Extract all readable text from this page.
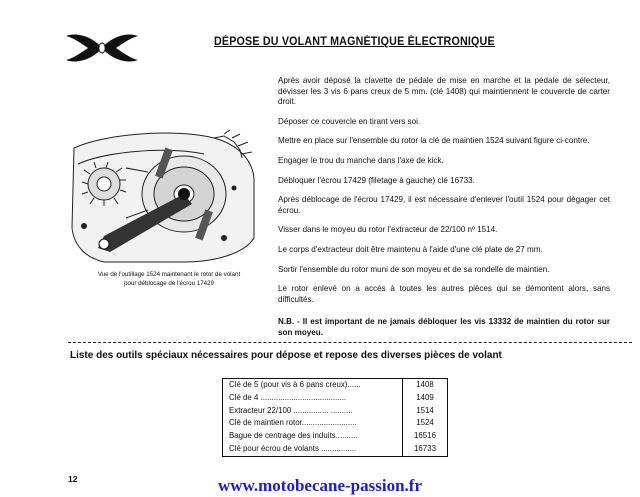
DÉPOSE DU VOLANT MAGNÉTIQUE ÉLECTRONIQUE
Vue de l'outillage 1524 maintenant le rotor de volant
pour déblocage de l'écrou 17429

Après avoir déposé la clavette de pédale de mise en marche et la pédale de sélecteur, dévisser les 3 vis 6 pans creux de 5 mm. (clé 1408) qui maintiennent le couvercle de carter droit.

Déposer ce couvercle en tirant vers soi.

Mettre en place sur l'ensemble du rotor la clé de maintien 1524 suivant figure ci-contre.

Engager le trou du manche dans l'axe de kick.

Débloquer l'écrou 17429 (filetage à gauche) clé 16733.

Après déblocage de l'écrou 17429, il est nécessaire d'enlever l'outil 1524 pour dégager cet écrou.

Visser dans le moyeu du rotor l'extracteur de 22/100 nº 1514.

Le corps d'extracteur doit être maintenu à l'aide d'une clé plate de 27 mm.

Sortir l'ensemble du rotor muni de son moyeu et de sa rondelle de maintien.

Le rotor enlevé on a accès à toutes les autres pièces qui se démontent alors, sans difficultés.

N.B. - Il est important de ne jamais débloquer les vis 13332 de maintien du rotor sur son moyeu.

Liste des outils spéciaux nécessaires pour dépose et repose des diverses pièces de volant
Clé de 5 (pour vis à 6 pans creux)......	1408
Clé de 4 .......................................	1409
Extracteur 22/100 ................ ..........	1514
Clé de maintien rotor.........................	1524
Bague de centrage des induits..........	16516
Clé pour écrou de volants ................	16733
12	www.motobecane-passion.fr
